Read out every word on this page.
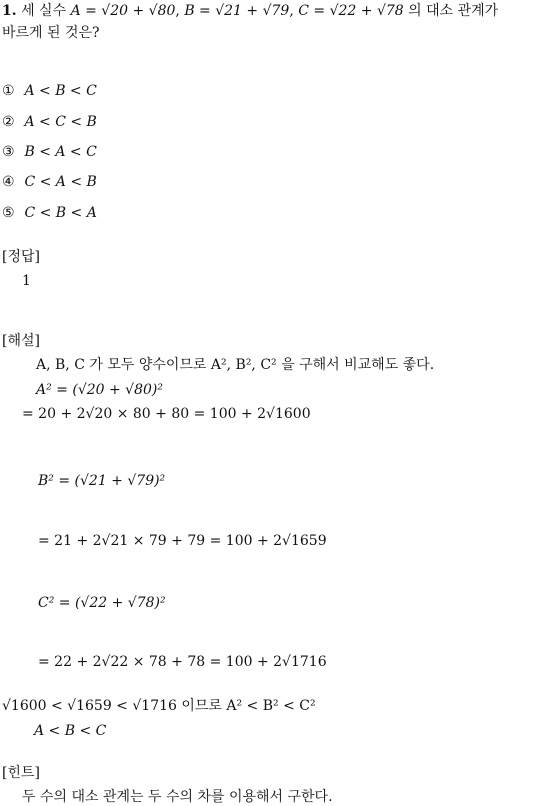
1. 세 실수 A = √20 + √80, B = √21 + √79, C = √22 + √78 의 대소 관계가
바르게 된 것은?
① A < B < C
② A < C < B
③ B < A < C
④ C < A < B
⑤ C < B < A
[정답]
1
[해설]
A, B, C 가 모두 양수이므로 A², B², C² 을 구해서 비교해도 좋다.
A² = (√20 + √80)²
= 20 + 2√20 × 80 + 80 = 100 + 2√1600
B² = (√21 + √79)²
= 21 + 2√21 × 79 + 79 = 100 + 2√1659
C² = (√22 + √78)²
= 22 + 2√22 × 78 + 78 = 100 + 2√1716
√1600 < √1659 < √1716 이므로 A² < B² < C²
A < B < C
[힌트]
두 수의 대소 관계는 두 수의 차를 이용해서 구한다.
